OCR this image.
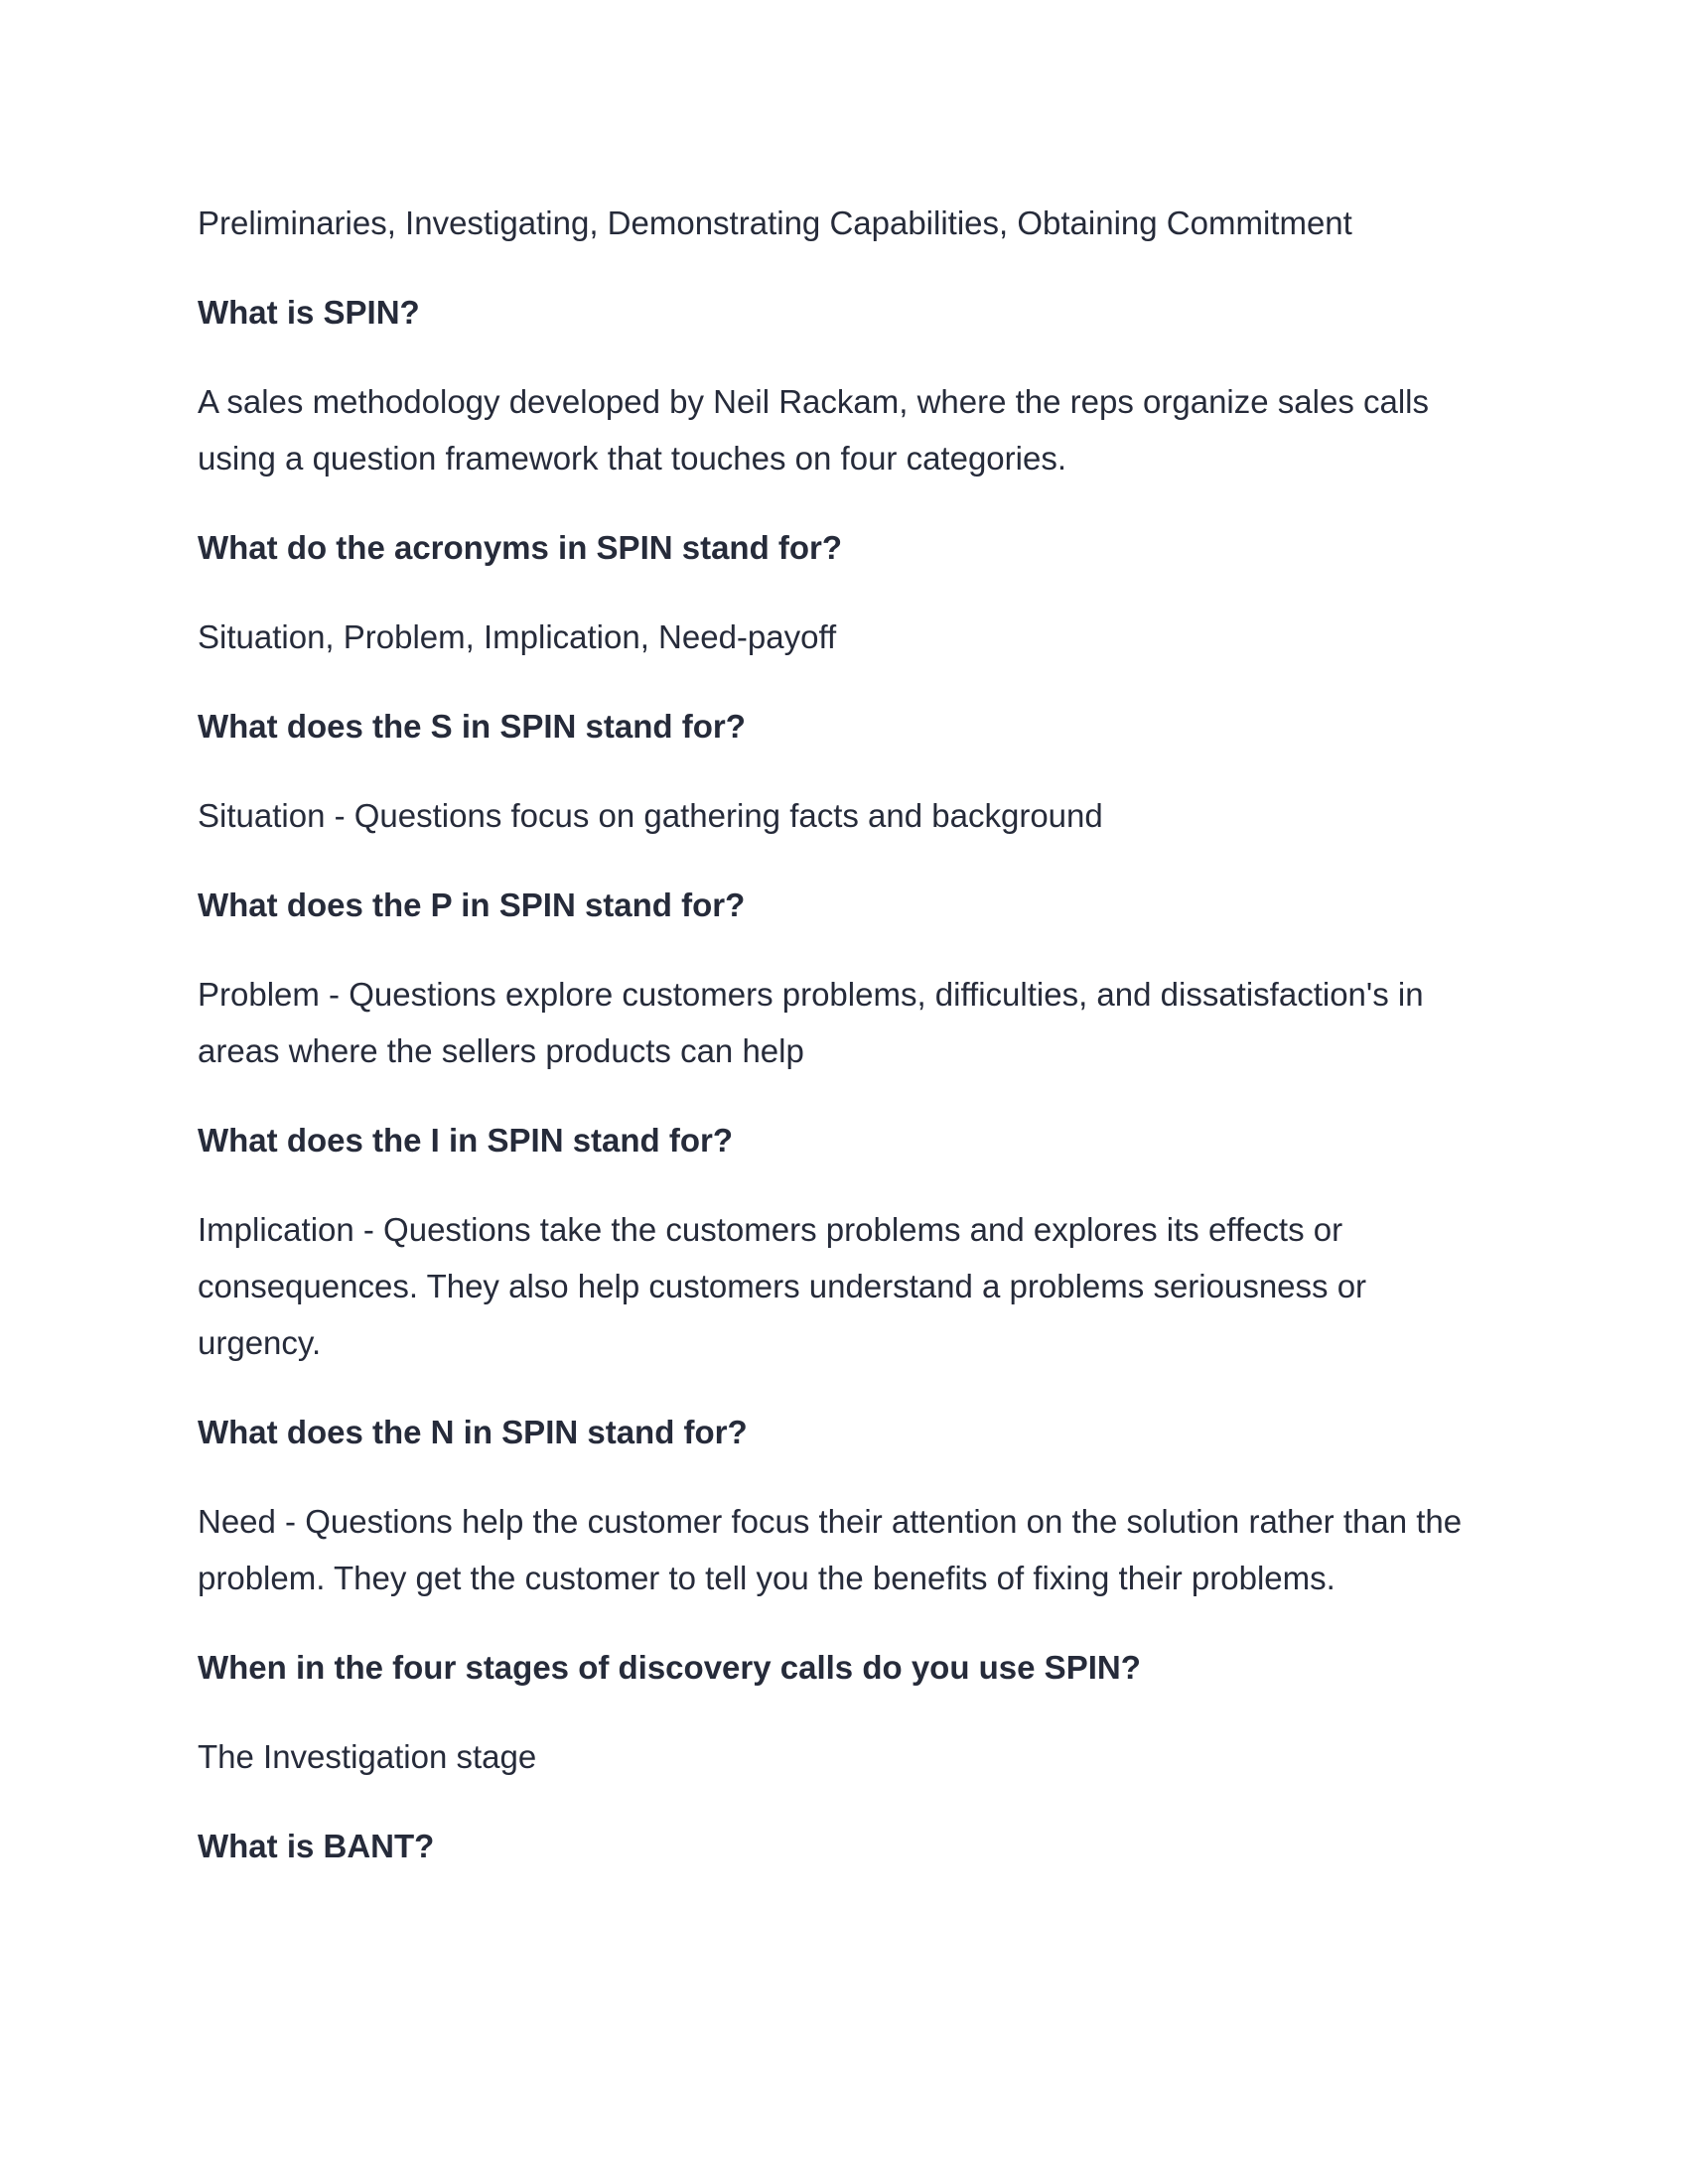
Preliminaries, Investigating, Demonstrating Capabilities, Obtaining Commitment

What is SPIN?

A sales methodology developed by Neil Rackam, where the reps organize sales calls using a question framework that touches on four categories.

What do the acronyms in SPIN stand for?

Situation, Problem, Implication, Need-payoff

What does the S in SPIN stand for?

Situation - Questions focus on gathering facts and background

What does the P in SPIN stand for?

Problem - Questions explore customers problems, difficulties, and dissatisfaction's in areas where the sellers products can help

What does the I in SPIN stand for?

Implication - Questions take the customers problems and explores its effects or consequences. They also help customers understand a problems seriousness or urgency.

What does the N in SPIN stand for?

Need - Questions help the customer focus their attention on the solution rather than the problem. They get the customer to tell you the benefits of fixing their problems.

When in the four stages of discovery calls do you use SPIN?

The Investigation stage

What is BANT?
